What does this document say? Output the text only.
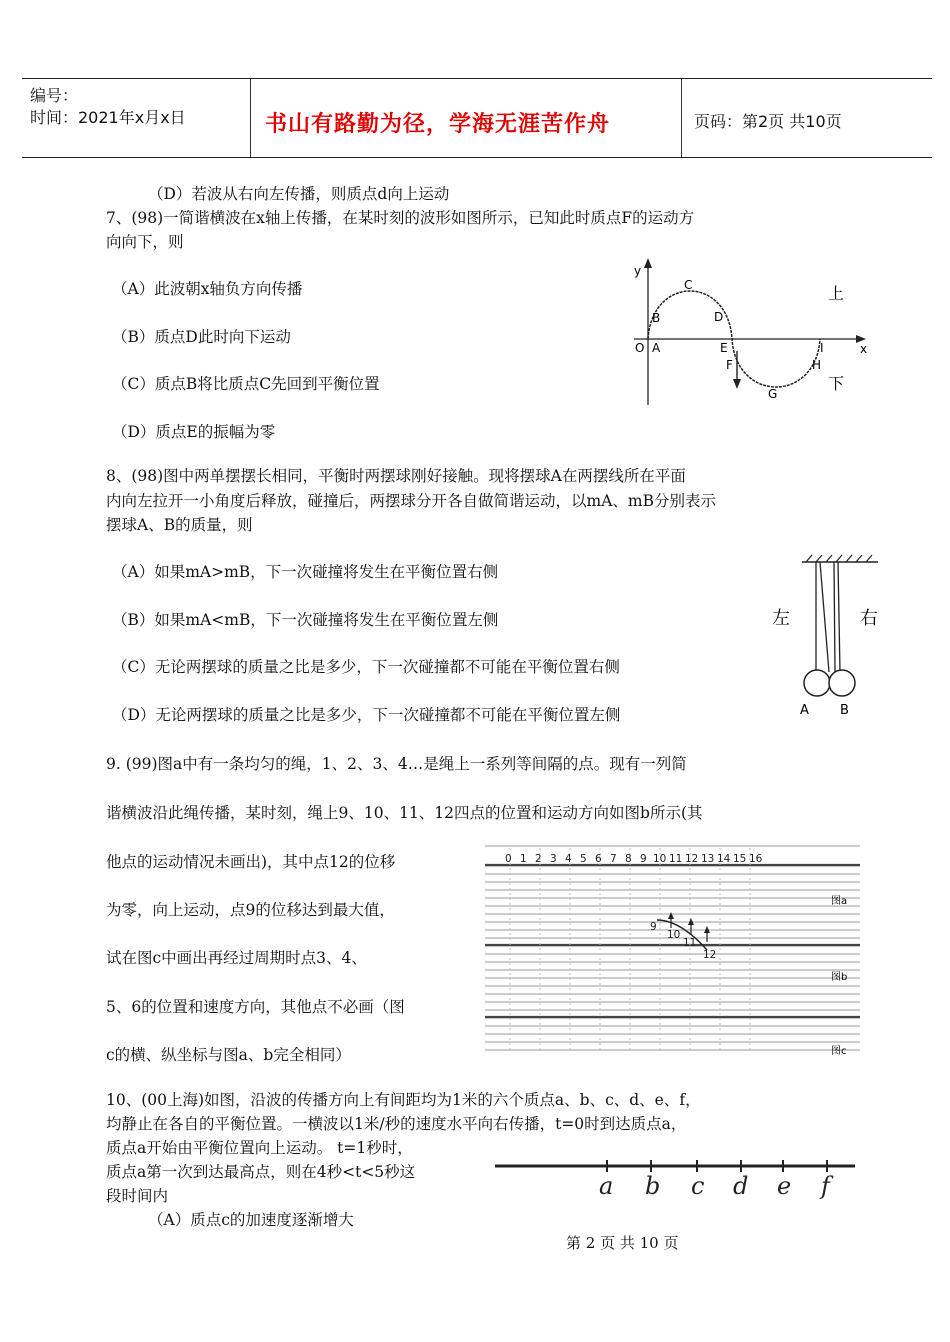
编号：
时间：2021年x月x日	书山有路勤为径，学海无涯苦作舟	页码：第2页 共10页
（D）若波从右向左传播，则质点d向上运动
7、(98)一简谐横波在x轴上传播，在某时刻的波形如图所示，已知此时质点F的运动方
向向下，则
（A）此波朝x轴负方向传播
（B）质点D此时向下运动
（C）质点B将比质点C先回到平衡位置
（D）质点E的振幅为零
y
x
O A
B
C
D
E
F
G
H
I
上
下
8、(98)图中两单摆摆长相同，平衡时两摆球刚好接触。现将摆球A在两摆线所在平面
内向左拉开一小角度后释放，碰撞后，两摆球分开各自做简谐运动，以mA、mB分别表示
摆球A、B的质量，则
（A）如果mA>mB，下一次碰撞将发生在平衡位置右侧
（B）如果mA<mB，下一次碰撞将发生在平衡位置左侧
（C）无论两摆球的质量之比是多少，下一次碰撞都不可能在平衡位置右侧
（D）无论两摆球的质量之比是多少，下一次碰撞都不可能在平衡位置左侧
左	右
A B
9. (99)图a中有一条均匀的绳，1、2、3、4…是绳上一系列等间隔的点。现有一列简
谐横波沿此绳传播，某时刻，绳上9、10、11、12四点的位置和运动方向如图b所示(其
他点的运动情况未画出)，其中点12的位移
为零，向上运动，点9的位移达到最大值，
试在图c中画出再经过周期时点3、4、
5、6的位置和速度方向，其他点不必画（图
c的横、纵坐标与图a、b完全相同）
0 1 2 3 4 5 6 7 8 9 10 11 12 13 14 15 16
9
10
11
12
图a
图b
图c
10、(00上海)如图，沿波的传播方向上有间距均为1米的六个质点a、b、c、d、e、f，
均静止在各自的平衡位置。一横波以1米/秒的速度水平向右传播，t=0时到达质点a，
质点a开始由平衡位置向上运动。 t=1秒时，
质点a第一次到达最高点，则在4秒<t<5秒这
段时间内
（A）质点c的加速度逐渐增大
a b c d e f
第 2 页 共 10 页
